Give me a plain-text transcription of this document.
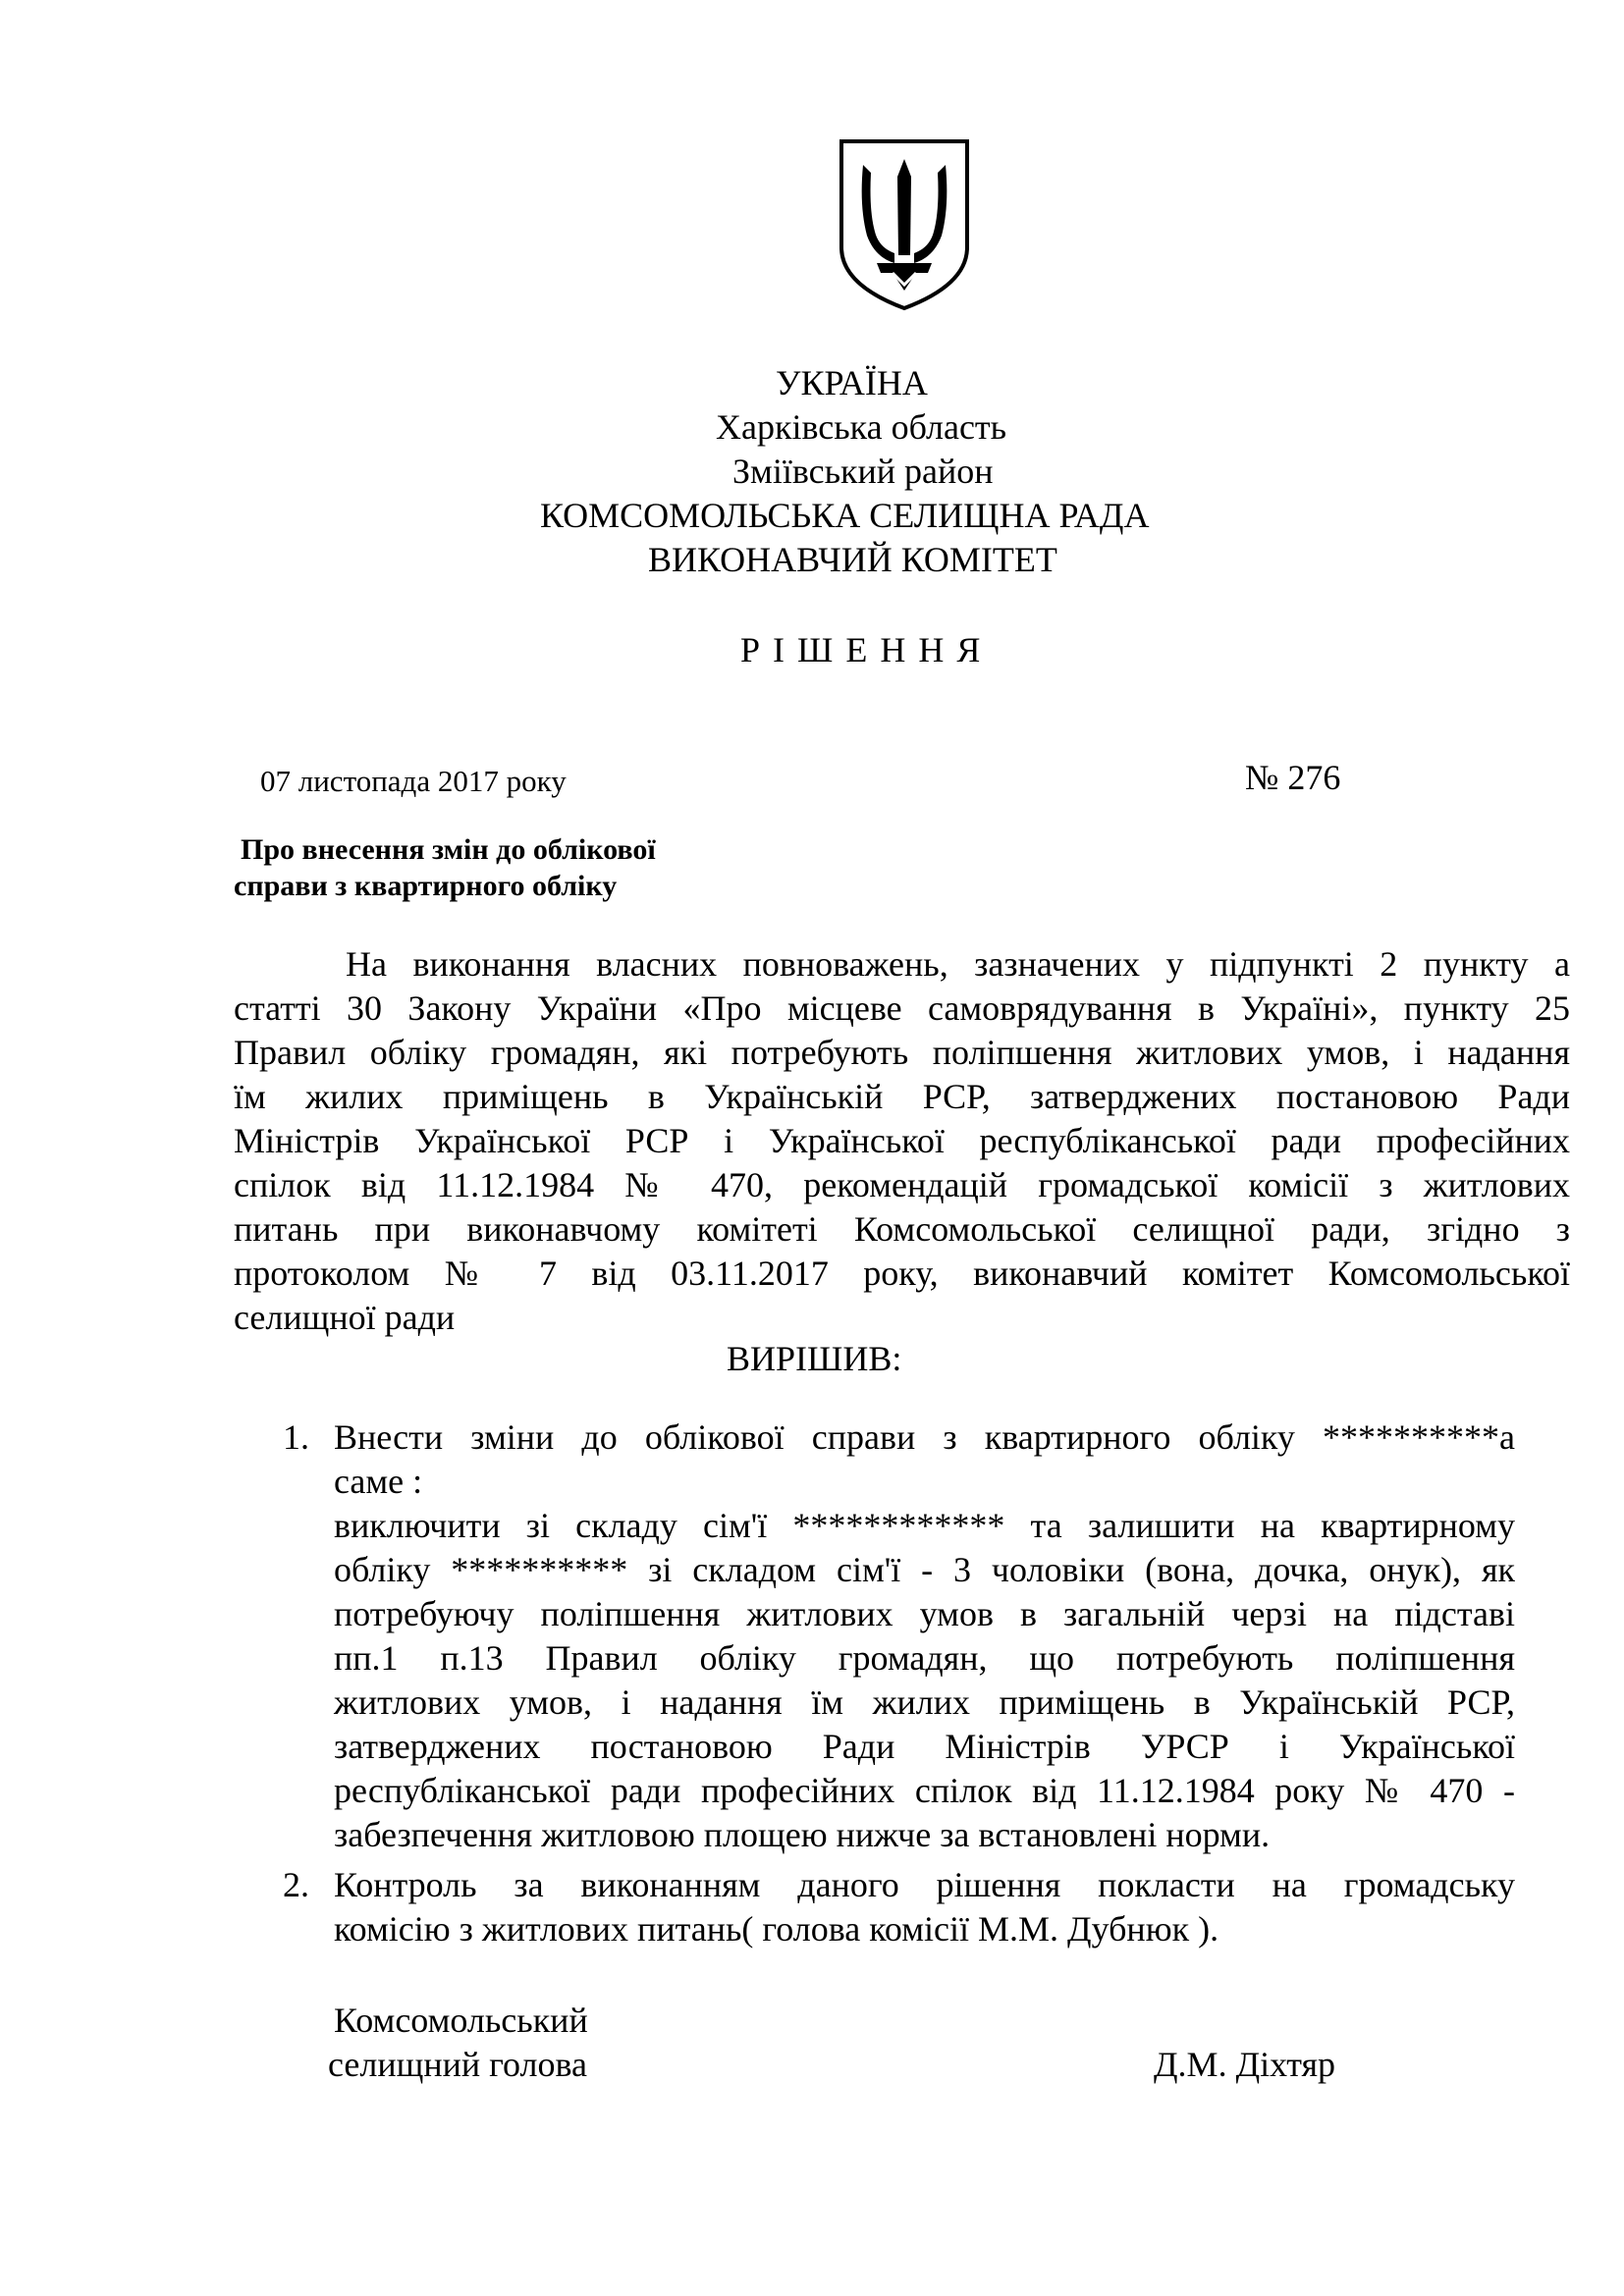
УКРАЇНА
Харківська область
Зміївський район
КОМСОМОЛЬСЬКА СЕЛИЩНА РАДА
ВИКОНАВЧИЙ КОМІТЕТ
Р І Ш Е Н Н Я
07 листопада 2017 року	№ 276
Про внесення змін до облікової
справи з квартирного обліку
На виконання власних повноважень, зазначених у підпункті 2 пункту а
статті 30 Закону України «Про місцеве самоврядування в Україні», пункту 25
Правил обліку громадян, які потребують поліпшення житлових умов, і надання
їм жилих приміщень в Українській РСР, затверджених постановою Ради
Міністрів Української РСР і Української республіканської ради професійних
спілок від 11.12.1984 № 470, рекомендацій громадської комісії з житлових
питань при виконавчому комітеті Комсомольської селищної ради, згідно з
протоколом № 7 від 03.11.2017 року, виконавчий комітет Комсомольської
селищної ради
ВИРІШИВ:
1. Внести зміни до облікової справи з квартирного обліку **********а
саме :
виключити зі складу сім'ї ************ та залишити на квартирному
обліку ********** зі складом сім'ї - 3 чоловіки (вона, дочка, онук), як
потребуючу поліпшення житлових умов в загальній черзі на підставі
пп.1 п.13 Правил обліку громадян, що потребують поліпшення
житлових умов, і надання їм жилих приміщень в Українській РСР,
затверджених постановою Ради Міністрів УРСР і Української
республіканської ради професійних спілок від 11.12.1984 року № 470 -
забезпечення житловою площею нижче за встановлені норми.
2. Контроль за виконанням даного рішення покласти на громадську
комісію з житлових питань( голова комісії М.М. Дубнюк ).
Комсомольський
селищний голова	Д.М. Діхтяр
